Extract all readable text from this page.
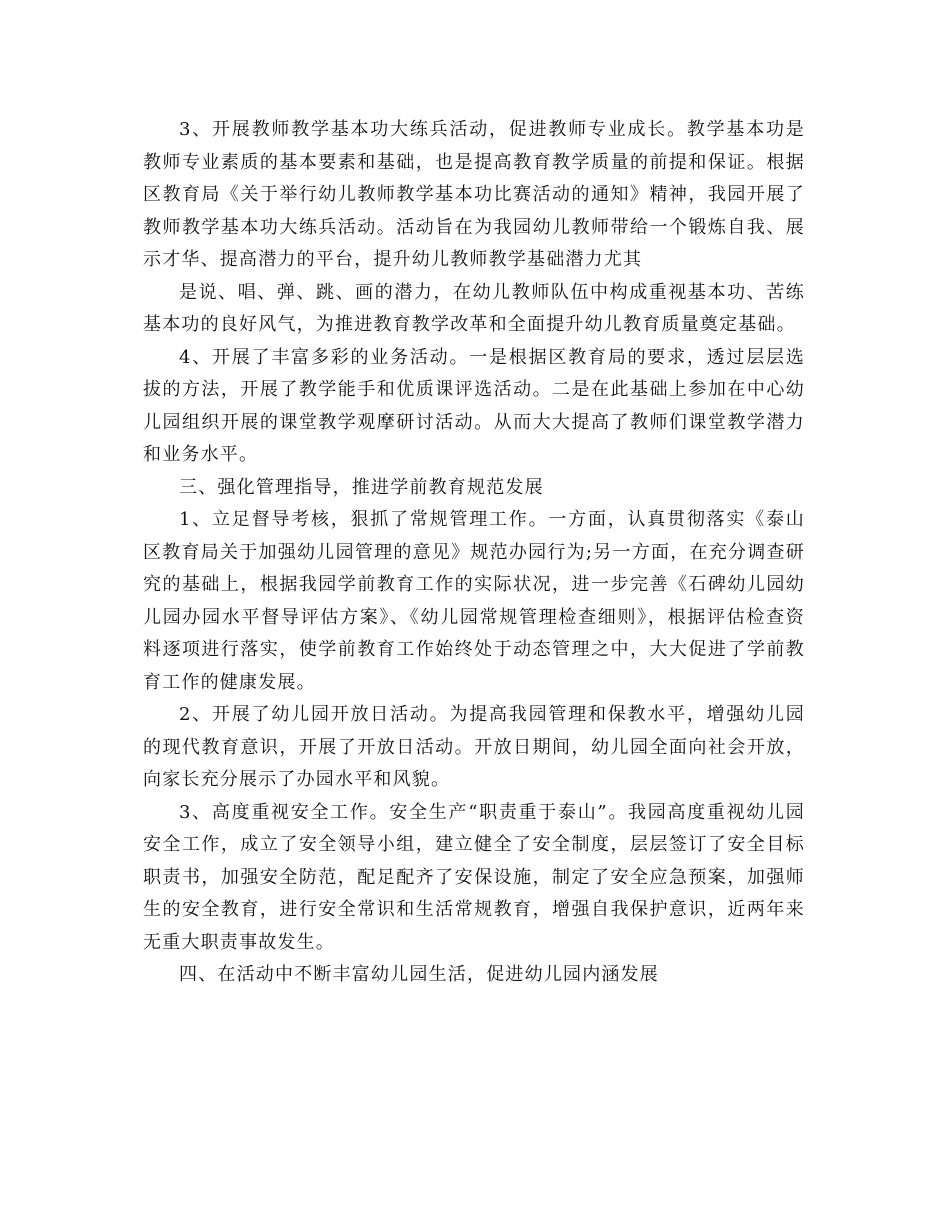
3、开展教师教学基本功大练兵活动，促进教师专业成长。教学基本功是教师专业素质的基本要素和基础，也是提高教育教学质量的前提和保证。根据区教育局《关于举行幼儿教师教学基本功比赛活动的通知》精神，我园开展了教师教学基本功大练兵活动。活动旨在为我园幼儿教师带给一个锻炼自我、展示才华、提高潜力的平台，提升幼儿教师教学基础潜力尤其

是说、唱、弹、跳、画的潜力，在幼儿教师队伍中构成重视基本功、苦练基本功的良好风气，为推进教育教学改革和全面提升幼儿教育质量奠定基础。

4、开展了丰富多彩的业务活动。一是根据区教育局的要求，透过层层选拔的方法，开展了教学能手和优质课评选活动。二是在此基础上参加在中心幼儿园组织开展的课堂教学观摩研讨活动。从而大大提高了教师们课堂教学潜力和业务水平。

三、强化管理指导，推进学前教育规范发展

1、立足督导考核，狠抓了常规管理工作。一方面，认真贯彻落实《泰山区教育局关于加强幼儿园管理的意见》规范办园行为;另一方面，在充分调查研究的基础上，根据我园学前教育工作的实际状况，进一步完善《石碑幼儿园幼儿园办园水平督导评估方案》、《幼儿园常规管理检查细则》，根据评估检查资料逐项进行落实，使学前教育工作始终处于动态管理之中，大大促进了学前教育工作的健康发展。

2、开展了幼儿园开放日活动。为提高我园管理和保教水平，增强幼儿园的现代教育意识，开展了开放日活动。开放日期间，幼儿园全面向社会开放，向家长充分展示了办园水平和风貌。

3、高度重视安全工作。安全生产“职责重于泰山”。我园高度重视幼儿园安全工作，成立了安全领导小组，建立健全了安全制度，层层签订了安全目标职责书，加强安全防范，配足配齐了安保设施，制定了安全应急预案，加强师生的安全教育，进行安全常识和生活常规教育，增强自我保护意识，近两年来无重大职责事故发生。

四、在活动中不断丰富幼儿园生活，促进幼儿园内涵发展
